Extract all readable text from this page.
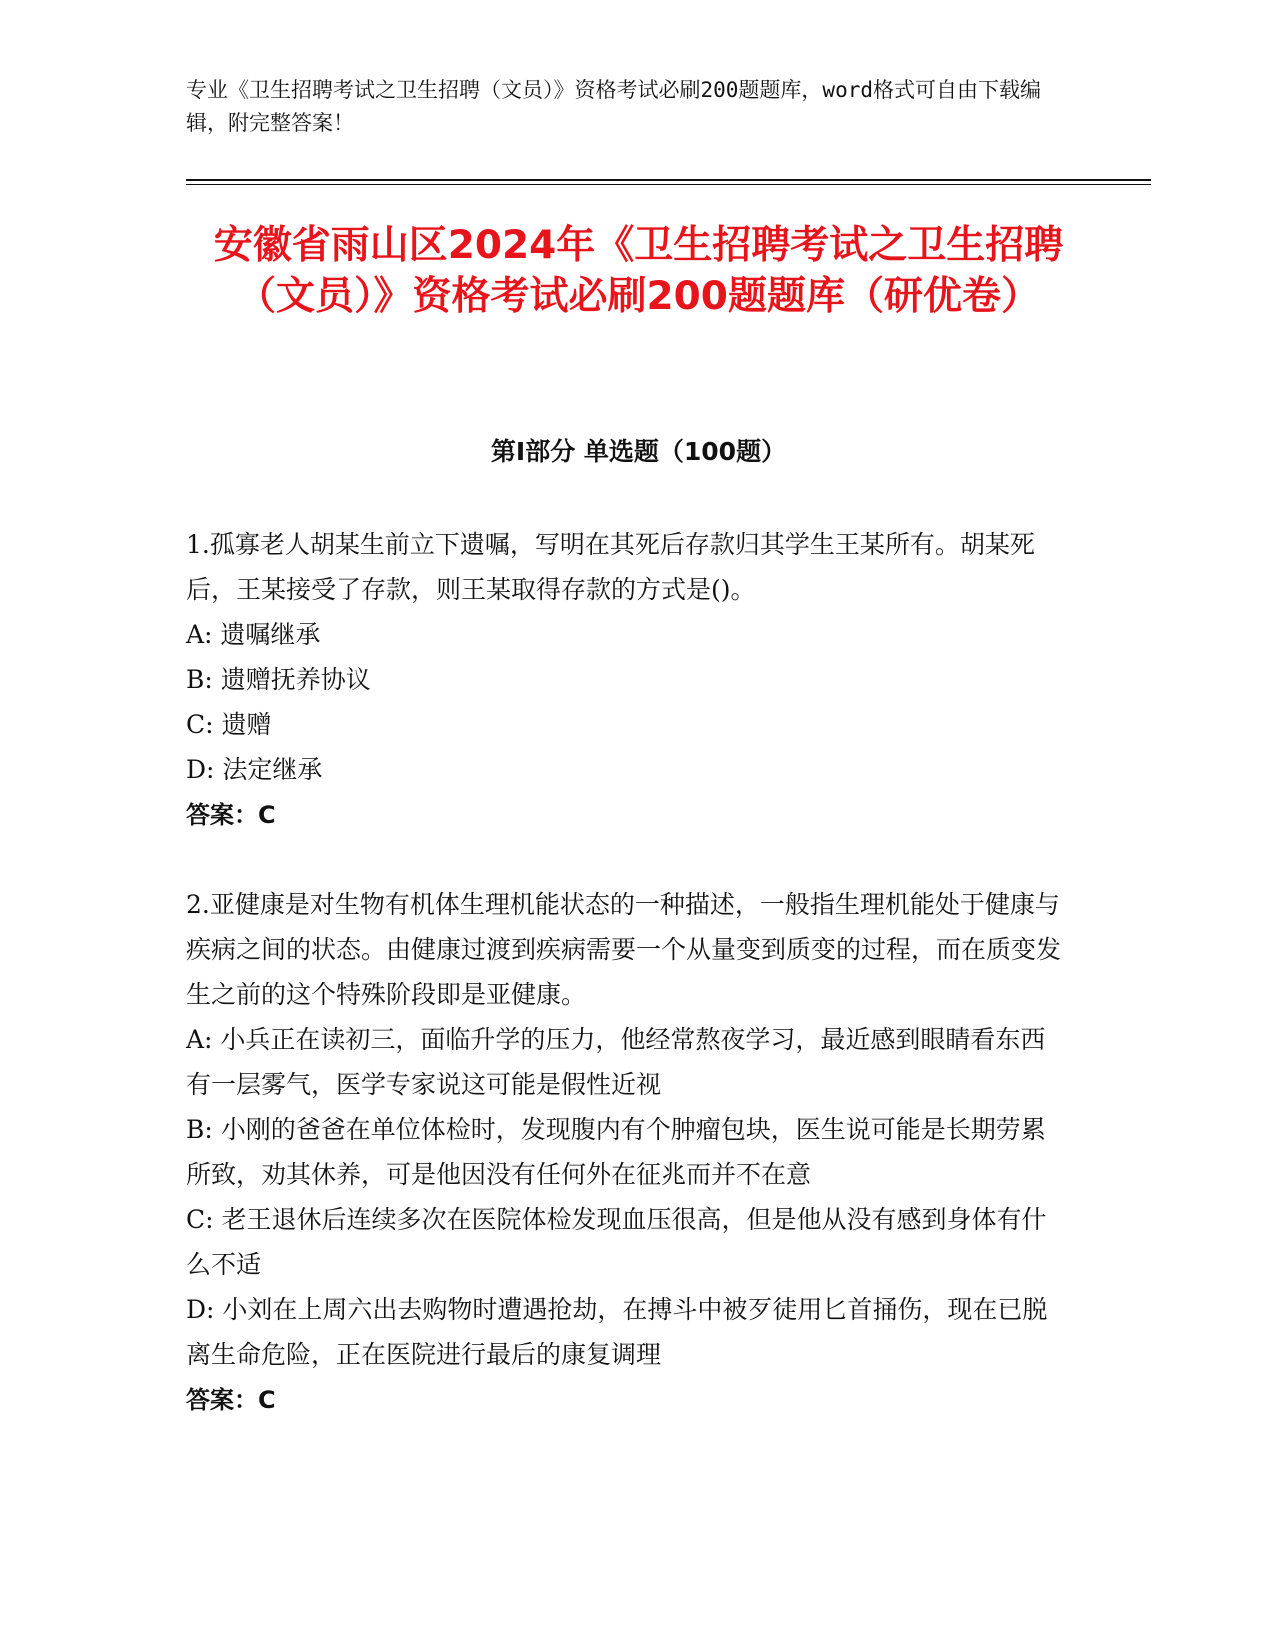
专业《卫生招聘考试之卫生招聘（文员）》资格考试必刷200题题库，word格式可自由下载编辑，附完整答案！
安徽省雨山区2024年《卫生招聘考试之卫生招聘（文员）》资格考试必刷200题题库（研优卷）
第Ⅰ部分 单选题（100题）

1.孤寡老人胡某生前立下遗嘱，写明在其死后存款归其学生王某所有。胡某死后，王某接受了存款，则王某取得存款的方式是()。

A: 遗嘱继承

B: 遗赠抚养协议

C: 遗赠

D: 法定继承

答案：C

2.亚健康是对生物有机体生理机能状态的一种描述，一般指生理机能处于健康与疾病之间的状态。由健康过渡到疾病需要一个从量变到质变的过程，而在质变发生之前的这个特殊阶段即是亚健康。

A: 小兵正在读初三，面临升学的压力，他经常熬夜学习，最近感到眼睛看东西有一层雾气，医学专家说这可能是假性近视

B: 小刚的爸爸在单位体检时，发现腹内有个肿瘤包块，医生说可能是长期劳累所致，劝其休养，可是他因没有任何外在征兆而并不在意

C: 老王退休后连续多次在医院体检发现血压很高，但是他从没有感到身体有什么不适

D: 小刘在上周六出去购物时遭遇抢劫，在搏斗中被歹徒用匕首捅伤，现在已脱离生命危险，正在医院进行最后的康复调理

答案：C
